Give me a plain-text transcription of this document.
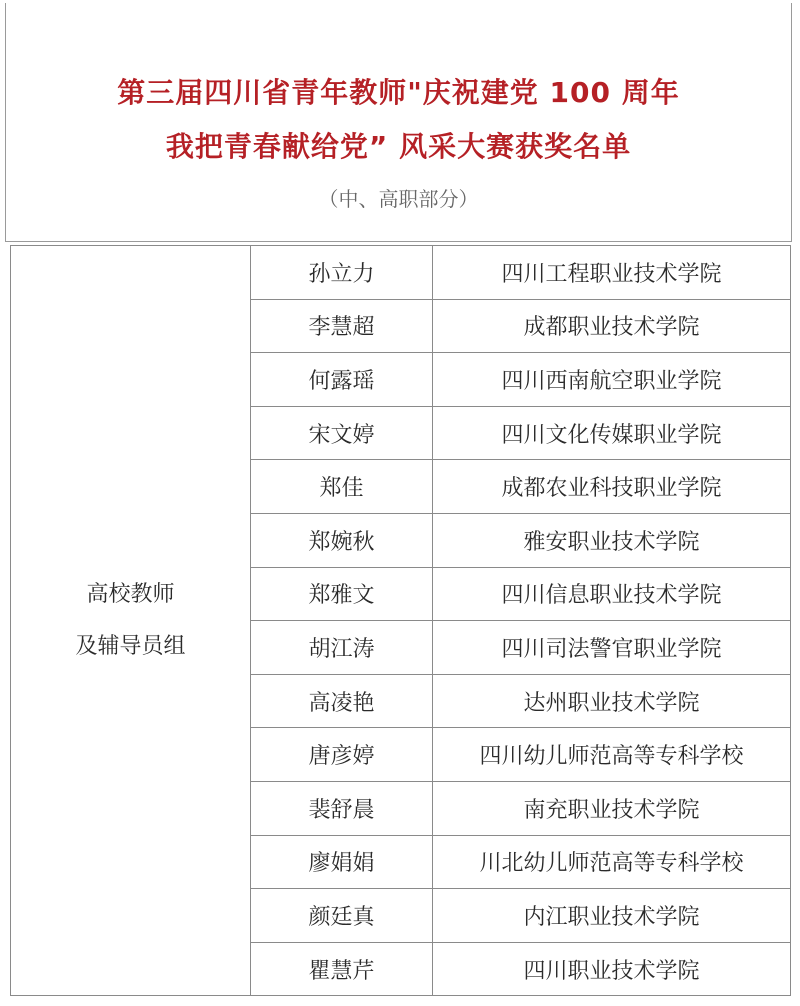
第三届四川省青年教师"庆祝建党 100 周年
我把青春献给党” 风采大赛获奖名单
（中、高职部分）
高校教师
及辅导员组	孙立力	四川工程职业技术学院
	李慧超	成都职业技术学院
	何露瑶	四川西南航空职业学院
	宋文婷	四川文化传媒职业学院
	郑佳	成都农业科技职业学院
	郑婉秋	雅安职业技术学院
	郑雅文	四川信息职业技术学院
	胡江涛	四川司法警官职业学院
	高凌艳	达州职业技术学院
	唐彦婷	四川幼儿师范高等专科学校
	裴舒晨	南充职业技术学院
	廖娟娟	川北幼儿师范高等专科学校
	颜廷真	内江职业技术学院
	瞿慧芹	四川职业技术学院
